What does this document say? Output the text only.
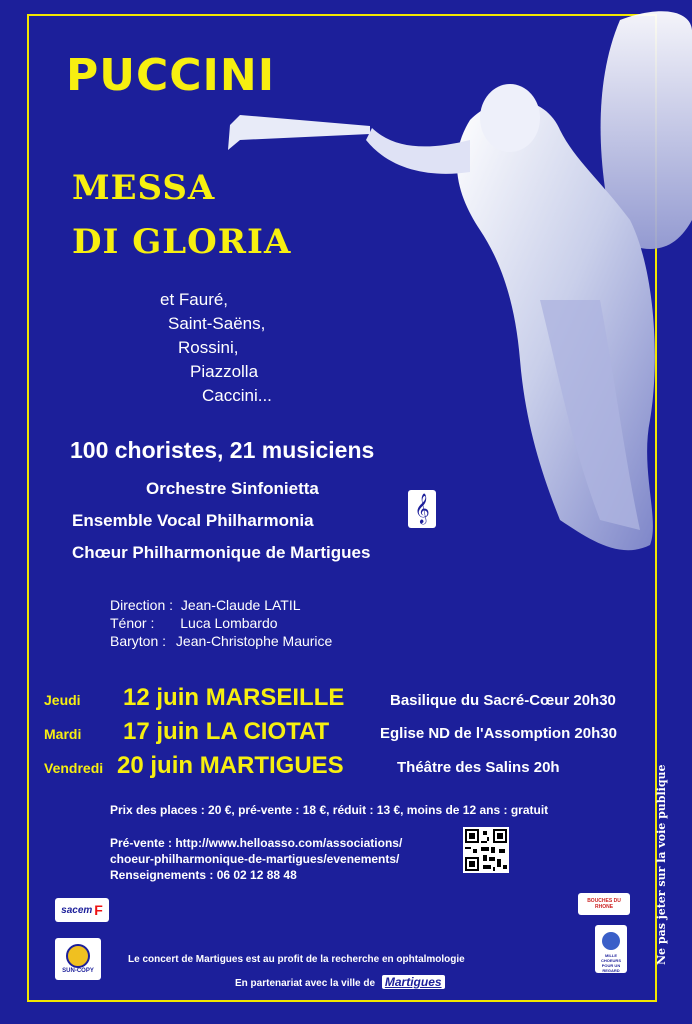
PUCCINI
MESSA
DI GLORIA
et Fauré,
Saint-Saëns,
Rossini,
Piazzolla
Caccini...
100 choristes, 21 musiciens
Orchestre Sinfonietta
Ensemble Vocal Philharmonia
Chœur Philharmonique de Martigues
𝄞
Direction : Jean-Claude LATIL
Ténor : Luca Lombardo
Baryton : Jean-Christophe Maurice
Jeudi 12 juin MARSEILLE	Basilique du Sacré-Cœur 20h30
Mardi 17 juin LA CIOTAT	Eglise ND de l'Assomption 20h30
Vendredi 20 juin MARTIGUES	Théâtre des Salins 20h
Prix des places : 20 €, pré-vente : 18 €, réduit : 13 €, moins de 12 ans : gratuit
Pré-vente : http://www.helloasso.com/associations/
choeur-philharmonique-de-martigues/evenements/
Renseignements : 06 02 12 88 48
sacem F
SUN-COPY
BOUCHES DU RHONE
MILLE CHOEURS POUR UN REGARD
Le concert de Martigues est au profit de la recherche en ophtalmologie
En partenariat avec la ville de Martigues
Ne pas jeter sur la voie publique
